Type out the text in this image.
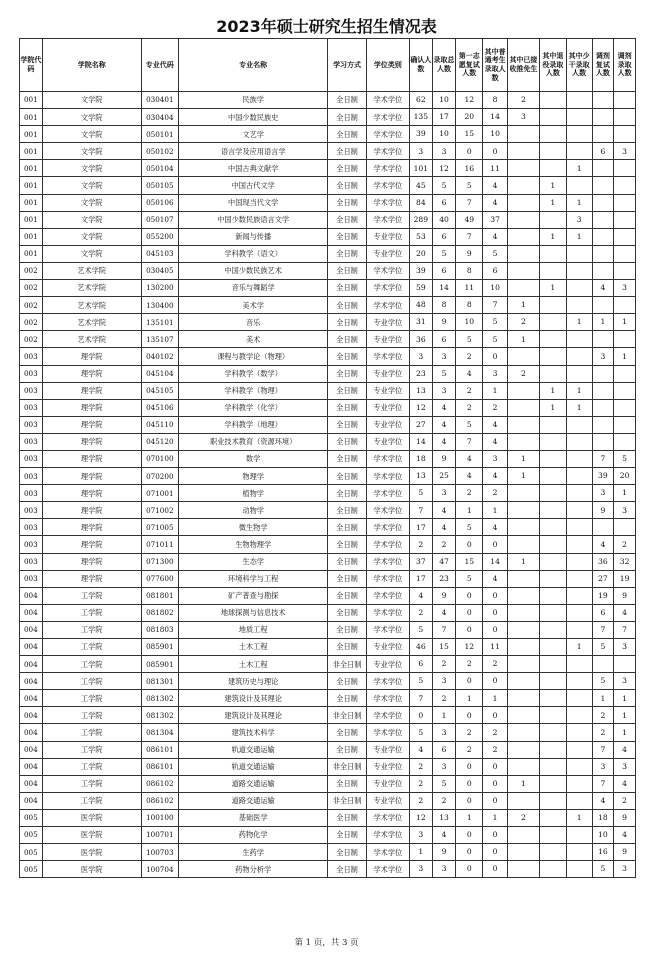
2023年硕士研究生招生情况表
学院代码	学院名称	专业代码	专业名称	学习方式	学位类别	确认人数	录取总人数	第一志愿复试人数	其中普通考生录取人数	其中已接收推免生	其中退役录取人数	其中少干录取人数	调剂复试人数	调剂录取人数
001	文学院	030401	民族学	全日制	学术学位	62	10	12	8	2				
001	文学院	030404	中国少数民族史	全日制	学术学位	135	17	20	14	3				
001	文学院	050101	文艺学	全日制	学术学位	39	10	15	10					
001	文学院	050102	语言学及应用语言学	全日制	学术学位	3	3	0	0				6	3
001	文学院	050104	中国古典文献学	全日制	学术学位	101	12	16	11			1		
001	文学院	050105	中国古代文学	全日制	学术学位	45	5	5	4		1			
001	文学院	050106	中国现当代文学	全日制	学术学位	84	6	7	4		1	1		
001	文学院	050107	中国少数民族语言文学	全日制	学术学位	289	40	49	37			3		
001	文学院	055200	新闻与传播	全日制	专业学位	53	6	7	4		1	1		
001	文学院	045103	学科教学（语文）	全日制	专业学位	20	5	9	5					
002	艺术学院	030405	中国少数民族艺术	全日制	学术学位	39	6	8	6					
002	艺术学院	130200	音乐与舞蹈学	全日制	学术学位	59	14	11	10		1		4	3
002	艺术学院	130400	美术学	全日制	学术学位	48	8	8	7	1				
002	艺术学院	135101	音乐	全日制	专业学位	31	9	10	5	2		1	1	1
002	艺术学院	135107	美术	全日制	专业学位	36	6	5	5	1				
003	理学院	040102	课程与教学论（物理）	全日制	学术学位	3	3	2	0				3	1
003	理学院	045104	学科教学（数学）	全日制	专业学位	23	5	4	3	2				
003	理学院	045105	学科教学（物理）	全日制	专业学位	13	3	2	1		1	1		
003	理学院	045106	学科教学（化学）	全日制	专业学位	12	4	2	2		1	1		
003	理学院	045110	学科教学（地理）	全日制	专业学位	27	4	5	4					
003	理学院	045120	职业技术教育（资源环境）	全日制	专业学位	14	4	7	4					
003	理学院	070100	数学	全日制	学术学位	18	9	4	3	1			7	5
003	理学院	070200	物理学	全日制	学术学位	13	25	4	4	1			39	20
003	理学院	071001	植物学	全日制	学术学位	5	3	2	2				3	1
003	理学院	071002	动物学	全日制	学术学位	7	4	1	1				9	3
003	理学院	071005	微生物学	全日制	学术学位	17	4	5	4					
003	理学院	071011	生物物理学	全日制	学术学位	2	2	0	0				4	2
003	理学院	071300	生态学	全日制	学术学位	37	47	15	14	1			36	32
003	理学院	077600	环境科学与工程	全日制	学术学位	17	23	5	4				27	19
004	工学院	081801	矿产普查与勘探	全日制	学术学位	4	9	0	0				19	9
004	工学院	081802	地球探测与信息技术	全日制	学术学位	2	4	0	0				6	4
004	工学院	081803	地质工程	全日制	学术学位	5	7	0	0				7	7
004	工学院	085901	土木工程	全日制	专业学位	46	15	12	11			1	5	3
004	工学院	085901	土木工程	非全日制	专业学位	6	2	2	2					
004	工学院	081301	建筑历史与理论	全日制	学术学位	5	3	0	0				5	3
004	工学院	081302	建筑设计及其理论	全日制	学术学位	7	2	1	1				1	1
004	工学院	081302	建筑设计及其理论	非全日制	学术学位	0	1	0	0				2	1
004	工学院	081304	建筑技术科学	全日制	学术学位	5	3	2	2				2	1
004	工学院	086101	轨道交通运输	全日制	专业学位	4	6	2	2				7	4
004	工学院	086101	轨道交通运输	非全日制	专业学位	2	3	0	0				3	3
004	工学院	086102	道路交通运输	全日制	专业学位	2	5	0	0	1			7	4
004	工学院	086102	道路交通运输	非全日制	专业学位	2	2	0	0				4	2
005	医学院	100100	基础医学	全日制	学术学位	12	13	1	1	2		1	18	9
005	医学院	100701	药物化学	全日制	学术学位	3	4	0	0				10	4
005	医学院	100703	生药学	全日制	学术学位	1	9	0	0				16	9
005	医学院	100704	药物分析学	全日制	学术学位	3	3	0	0				5	3
第 1 页，共 3 页
